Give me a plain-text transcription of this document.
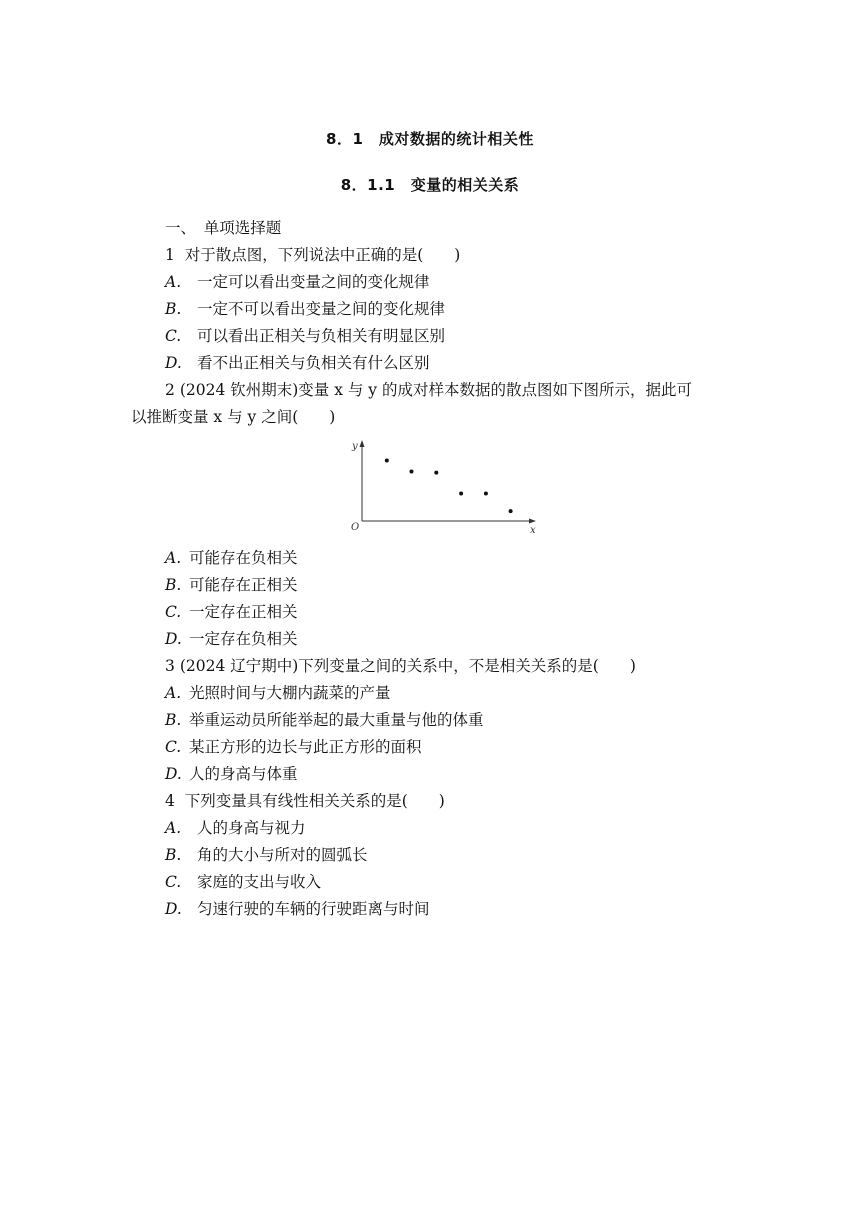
8．1　成对数据的统计相关性
8．1.1　变量的相关关系
一、　单项选择题
1 对于散点图，下列说法中正确的是(　　)
A. 一定可以看出变量之间的变化规律
B. 一定不可以看出变量之间的变化规律
C. 可以看出正相关与负相关有明显区别
D. 看不出正相关与负相关有什么区别
2 (2024 钦州期末)变量 x 与 y 的成对样本数据的散点图如下图所示，据此可
以推断变量 x 与 y 之间(　　)
y
x
O
A. 可能存在负相关
B. 可能存在正相关
C. 一定存在正相关
D. 一定存在负相关
3 (2024 辽宁期中)下列变量之间的关系中，不是相关关系的是(　　)
A. 光照时间与大棚内蔬菜的产量
B. 举重运动员所能举起的最大重量与他的体重
C. 某正方形的边长与此正方形的面积
D. 人的身高与体重
4 下列变量具有线性相关关系的是(　　)
A. 人的身高与视力
B. 角的大小与所对的圆弧长
C. 家庭的支出与收入
D. 匀速行驶的车辆的行驶距离与时间
